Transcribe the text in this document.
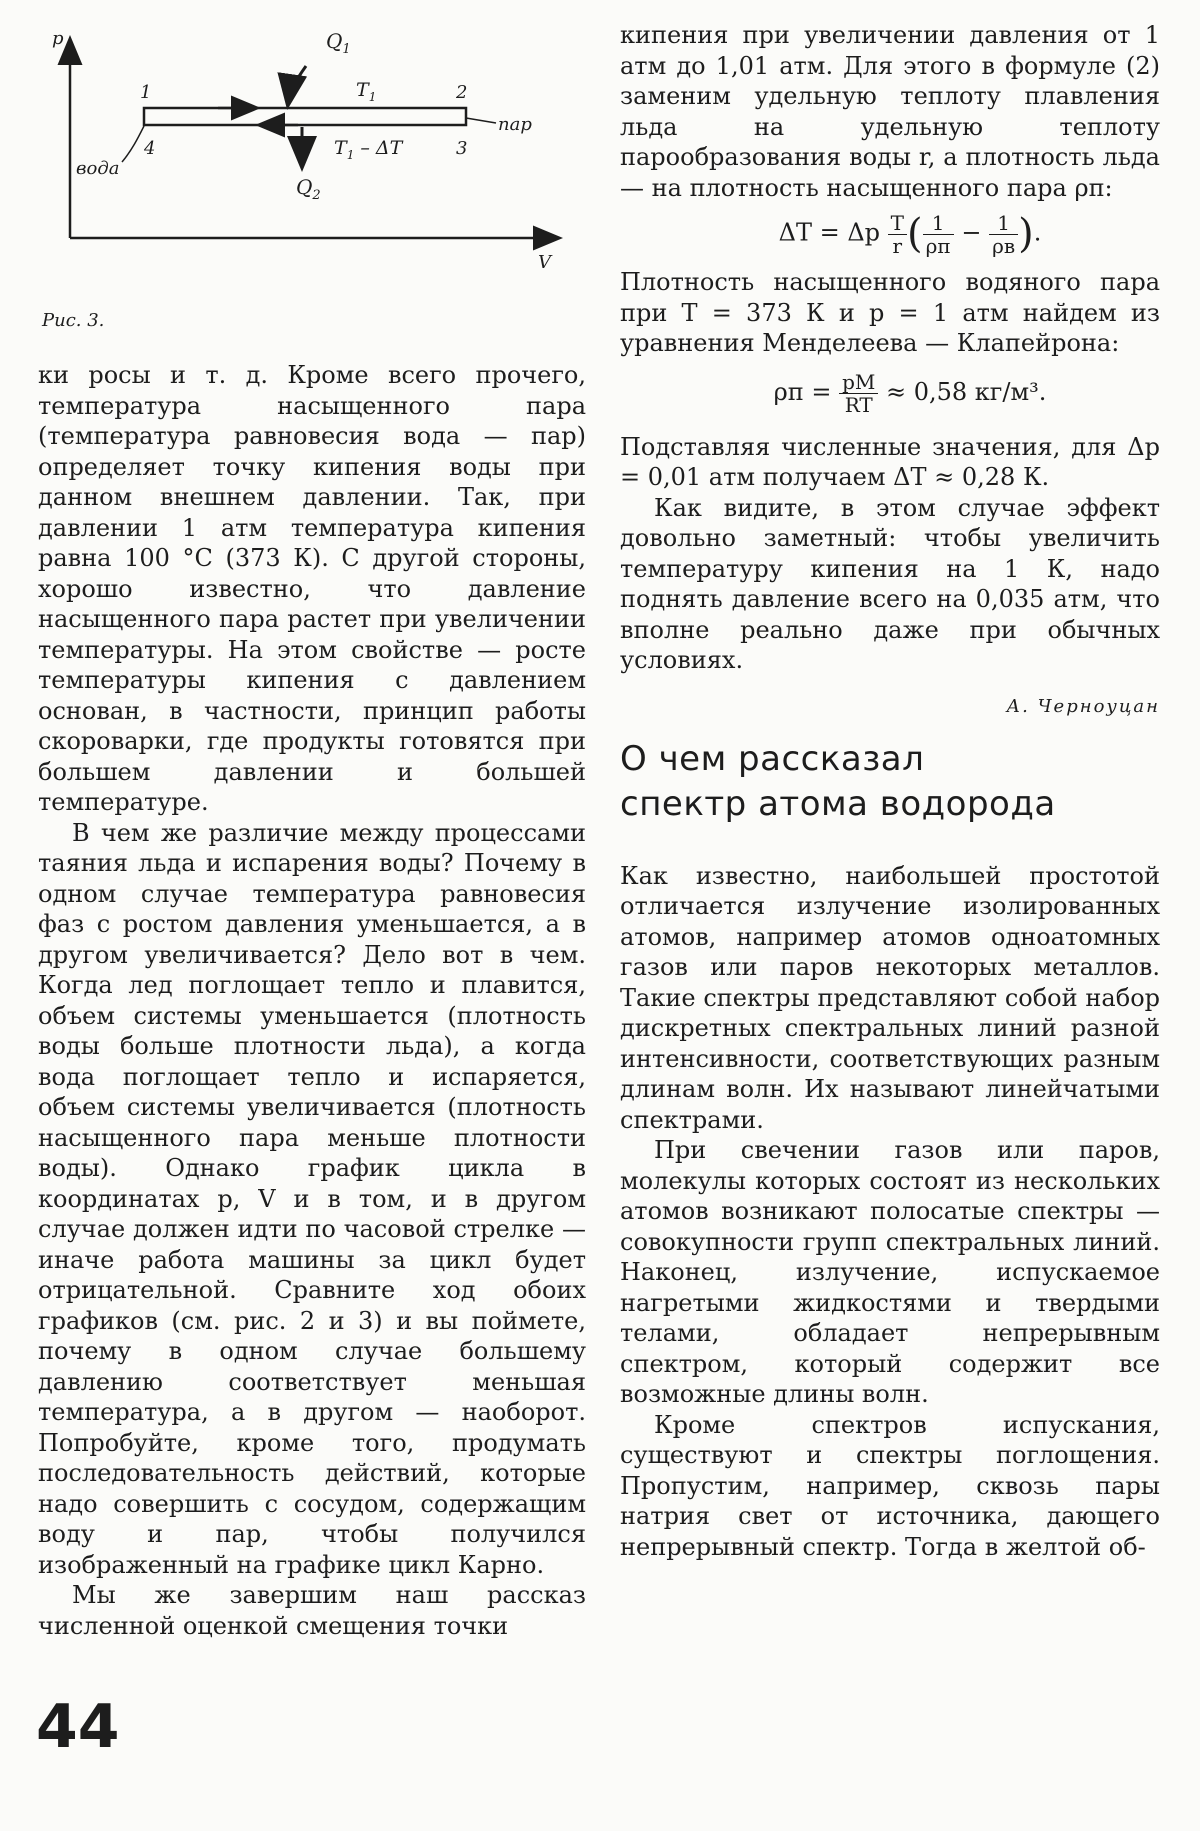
p
V
$Q_1$
$Q_2$
$T_1$
$T_1$ – ΔT
1	2
3
4
вода
пар
Рис. 3.

ки росы и т. д. Кроме всего прочего, температура насыщенного пара (температура равновесия вода — пар) определяет точку кипения воды при данном внешнем давлении. Так, при давлении 1 атм температура кипения равна 100 °C (373 К). С другой стороны, хорошо известно, что давление насыщенного пара растет при увеличении температуры. На этом свойстве — росте температуры кипения с давлением основан, в частности, принцип работы скороварки, где продукты готовятся при большем давлении и большей температуре.

В чем же различие между процессами таяния льда и испарения воды? Почему в одном случае температура равновесия фаз с ростом давления уменьшается, а в другом увеличивается? Дело вот в чем. Когда лед поглощает тепло и плавится, объем системы уменьшается (плотность воды больше плотности льда), а когда вода поглощает тепло и испаряется, объем системы увеличивается (плотность насыщенного пара меньше плотности воды). Однако график цикла в координатах p, V и в том, и в другом случае должен идти по часовой стрелке — иначе работа машины за цикл будет отрицательной. Сравните ход обоих графиков (см. рис. 2 и 3) и вы поймете, почему в одном случае большему давлению соответствует меньшая температура, а в другом — наоборот. Попробуйте, кроме того, продумать последовательность действий, которые надо совершить с сосудом, содержащим воду и пар, чтобы получился изображенный на графике цикл Карно.

Мы же завершим наш рассказ численной оценкой смещения точки

кипения при увеличении давления от 1 атм до 1,01 атм. Для этого в формуле (2) заменим удельную теплоту плавления льда на удельную теплоту парообразования воды r, а плотность льда — на плотность насыщенного пара ρп:

ΔT = Δp $\frac{T}{r}$ ( $\frac{1}{\rho п} - \frac{1}{\rho в}$ ).

Плотность насыщенного водяного пара при T = 373 К и p = 1 атм найдем из уравнения Менделеева — Клапейрона:

$\rho п = \frac{pM}{RT} \approx 0,58$ кг/м³.

Подставляя численные значения, для Δp = 0,01 атм получаем ΔT ≈ 0,28 К.

Как видите, в этом случае эффект довольно заметный: чтобы увеличить температуру кипения на 1 К, надо поднять давление всего на 0,035 атм, что вполне реально даже при обычных условиях.

А. Черноуцан
О чем рассказал
спектр атома водорода

Как известно, наибольшей простотой отличается излучение изолированных атомов, например атомов одноатомных газов или паров некоторых металлов. Такие спектры представляют собой набор дискретных спектральных линий разной интенсивности, соответствующих разным длинам волн. Их называют линейчатыми спектрами.

При свечении газов или паров, молекулы которых состоят из нескольких атомов возникают полосатые спектры — совокупности групп спектральных линий. Наконец, излучение, испускаемое нагретыми жидкостями и твердыми телами, обладает непрерывным спектром, который содержит все возможные длины волн.

Кроме спектров испускания, существуют и спектры поглощения. Пропустим, например, сквозь пары натрия свет от источника, дающего непрерывный спектр. Тогда в желтой об-

44
